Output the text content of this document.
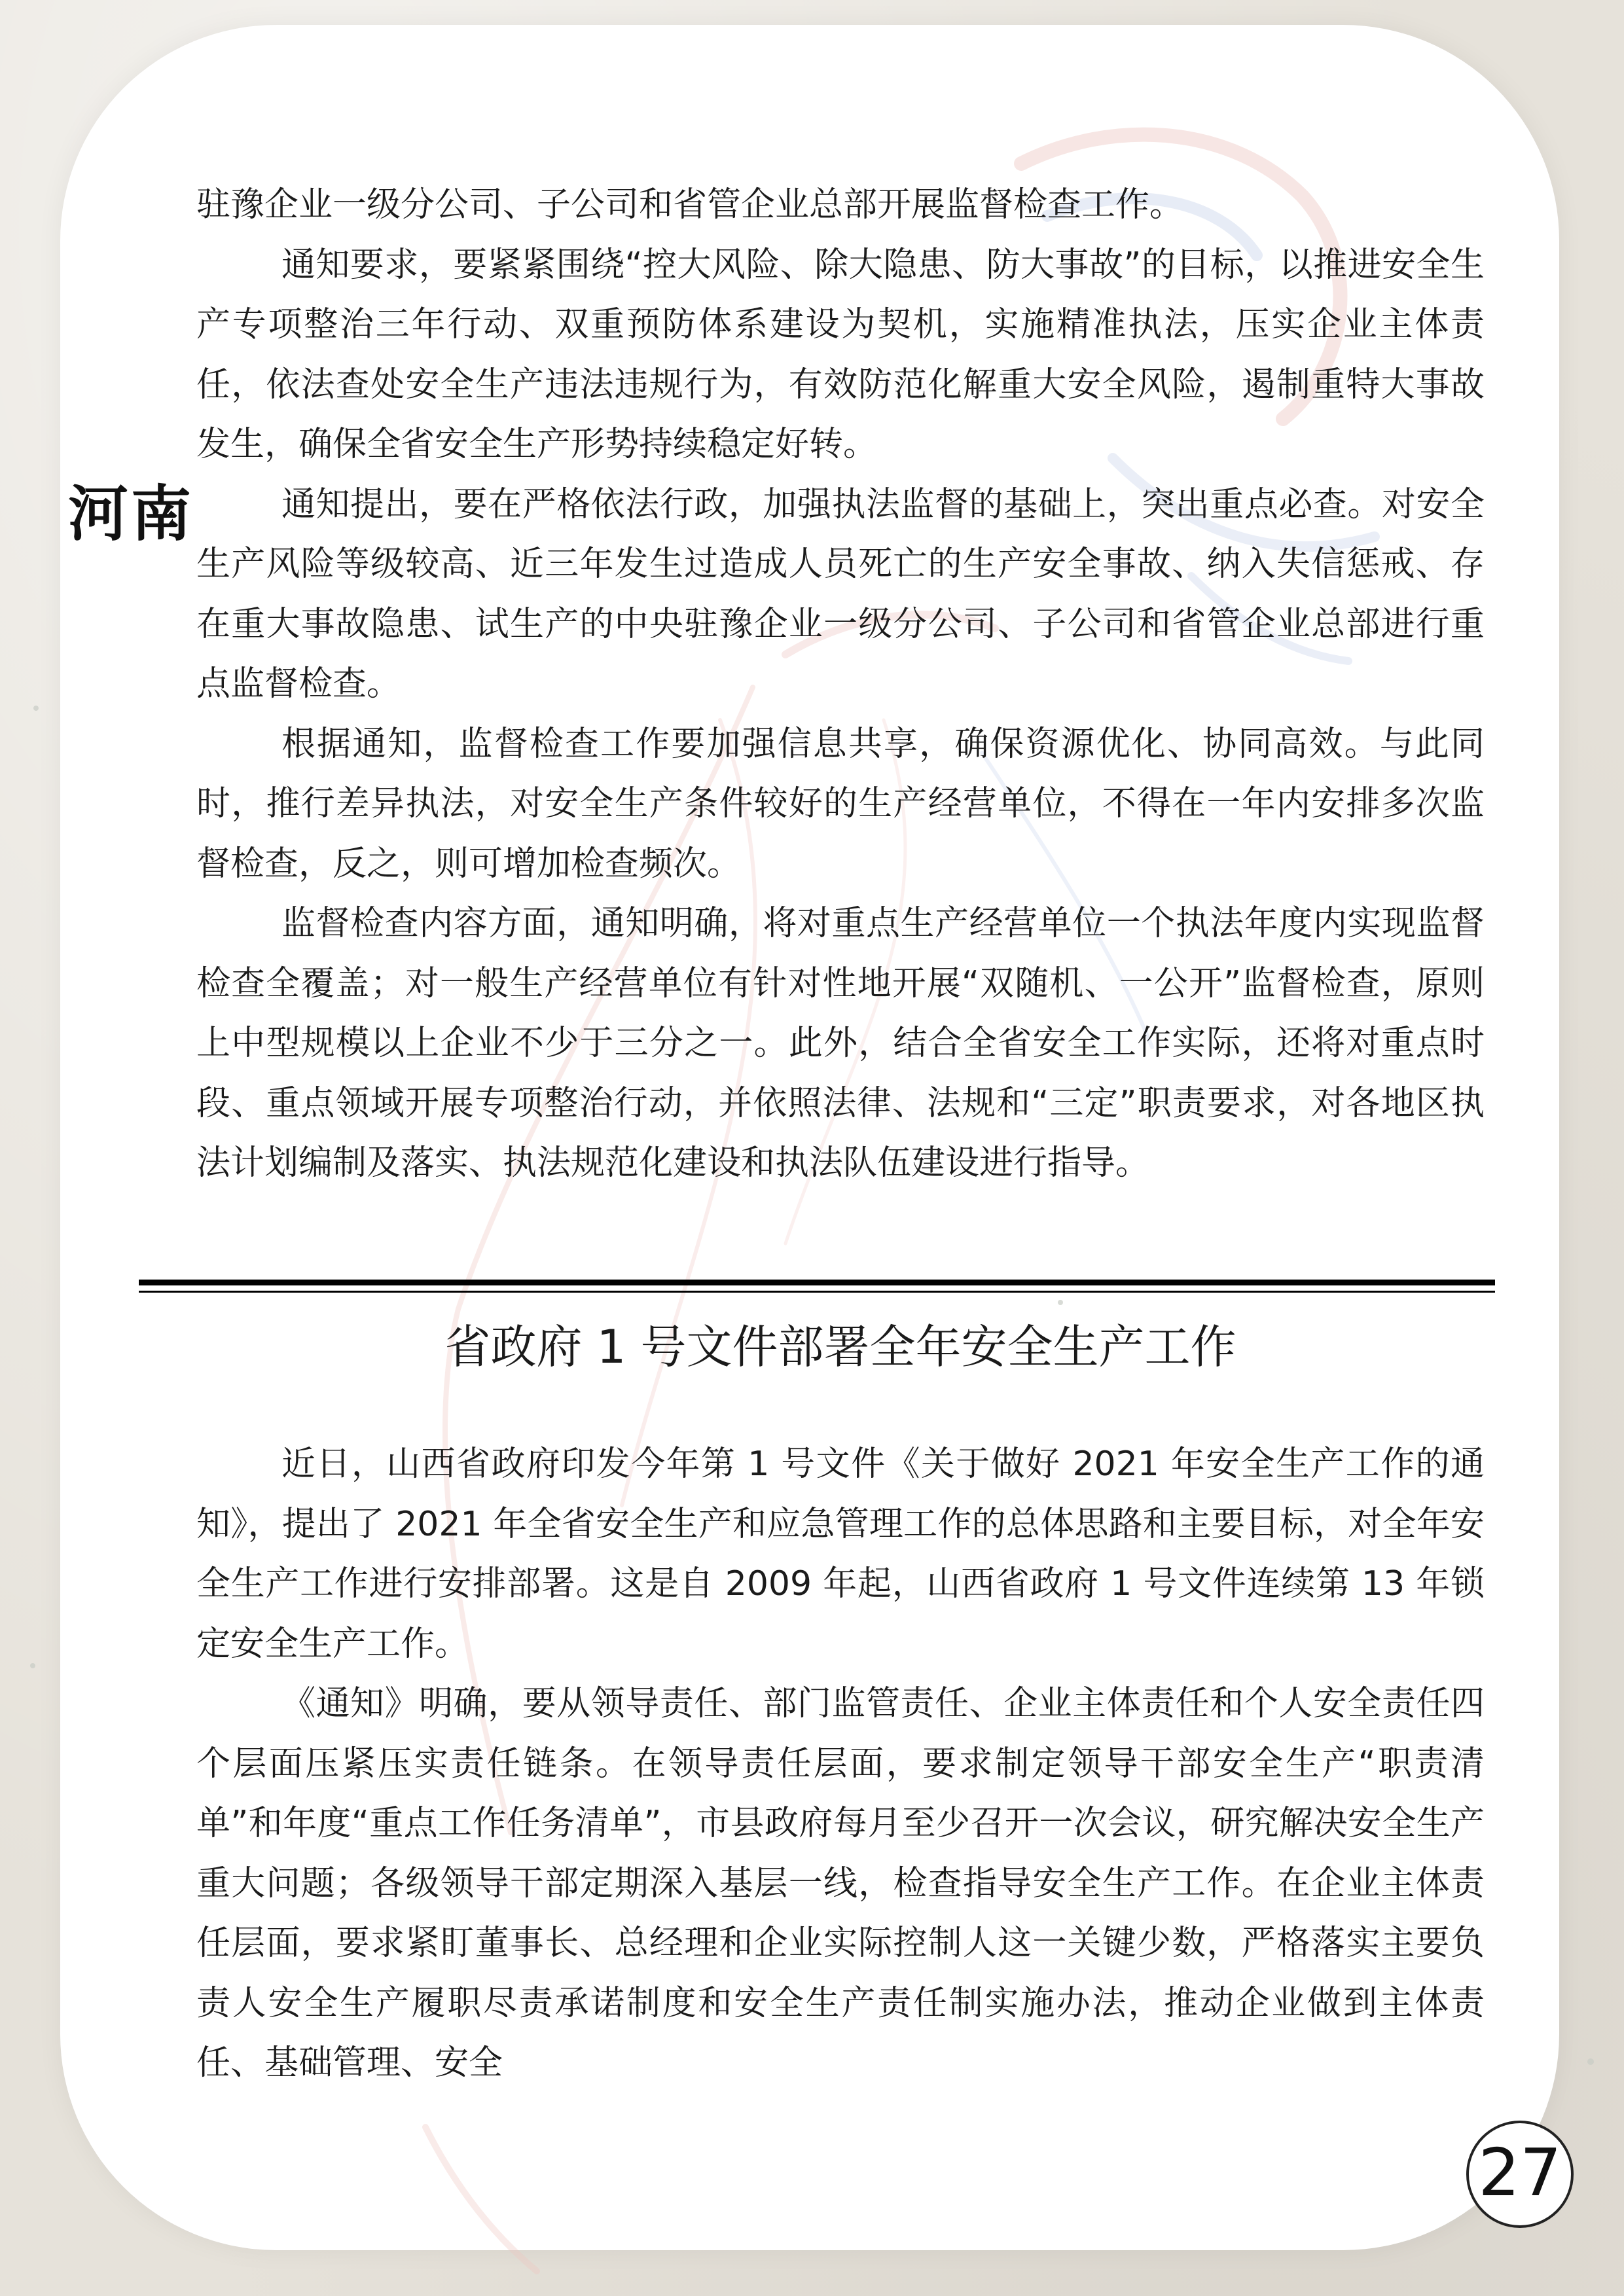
河南

驻豫企业一级分公司、子公司和省管企业总部开展监督检查工作。

通知要求，要紧紧围绕“控大风险、除大隐患、防大事故”的目标，以推进安全生产专项整治三年行动、双重预防体系建设为契机，实施精准执法，压实企业主体责任，依法查处安全生产违法违规行为，有效防范化解重大安全风险，遏制重特大事故发生，确保全省安全生产形势持续稳定好转。

通知提出，要在严格依法行政，加强执法监督的基础上，突出重点必查。对安全生产风险等级较高、近三年发生过造成人员死亡的生产安全事故、纳入失信惩戒、存在重大事故隐患、试生产的中央驻豫企业一级分公司、子公司和省管企业总部进行重点监督检查。

根据通知，监督检查工作要加强信息共享，确保资源优化、协同高效。与此同时，推行差异执法，对安全生产条件较好的生产经营单位，不得在一年内安排多次监督检查，反之，则可增加检查频次。

监督检查内容方面，通知明确，将对重点生产经营单位一个执法年度内实现监督检查全覆盖；对一般生产经营单位有针对性地开展“双随机、一公开”监督检查，原则上中型规模以上企业不少于三分之一。此外，结合全省安全工作实际，还将对重点时段、重点领域开展专项整治行动，并依照法律、法规和“三定”职责要求，对各地区执法计划编制及落实、执法规范化建设和执法队伍建设进行指导。

省政府 1 号文件部署全年安全生产工作

近日，山西省政府印发今年第 1 号文件《关于做好 2021 年安全生产工作的通知》，提出了 2021 年全省安全生产和应急管理工作的总体思路和主要目标，对全年安全生产工作进行安排部署。这是自 2009 年起，山西省政府 1 号文件连续第 13 年锁定安全生产工作。

《通知》明确，要从领导责任、部门监管责任、企业主体责任和个人安全责任四个层面压紧压实责任链条。在领导责任层面，要求制定领导干部安全生产“职责清单”和年度“重点工作任务清单”，市县政府每月至少召开一次会议，研究解决安全生产重大问题；各级领导干部定期深入基层一线，检查指导安全生产工作。在企业主体责任层面，要求紧盯董事长、总经理和企业实际控制人这一关键少数，严格落实主要负责人安全生产履职尽责承诺制度和安全生产责任制实施办法，推动企业做到主体责任、基础管理、安全

27
